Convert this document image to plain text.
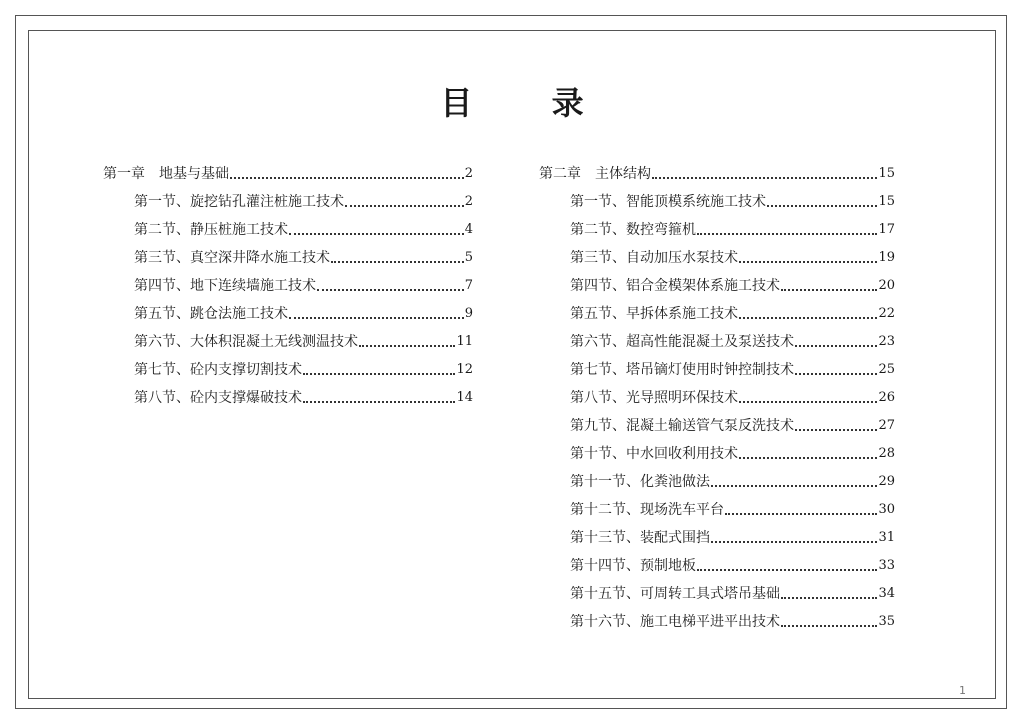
目 录
第一章　地基与基础	2
第一节、旋挖钻孔灌注桩施工技术	2
第二节、静压桩施工技术	4
第三节、真空深井降水施工技术	5
第四节、地下连续墙施工技术	7
第五节、跳仓法施工技术	9
第六节、大体积混凝土无线测温技术	11
第七节、砼内支撑切割技术	12
第八节、砼内支撑爆破技术	14
第二章　主体结构	15
第一节、智能顶模系统施工技术	15
第二节、数控弯箍机	17
第三节、自动加压水泵技术	19
第四节、铝合金模架体系施工技术	20
第五节、早拆体系施工技术	22
第六节、超高性能混凝土及泵送技术	23
第七节、塔吊镝灯使用时钟控制技术	25
第八节、光导照明环保技术	26
第九节、混凝土输送管气泵反洗技术	27
第十节、中水回收利用技术	28
第十一节、化粪池做法	29
第十二节、现场洗车平台	30
第十三节、装配式围挡	31
第十四节、预制地板	33
第十五节、可周转工具式塔吊基础	34
第十六节、施工电梯平进平出技术	35
1
